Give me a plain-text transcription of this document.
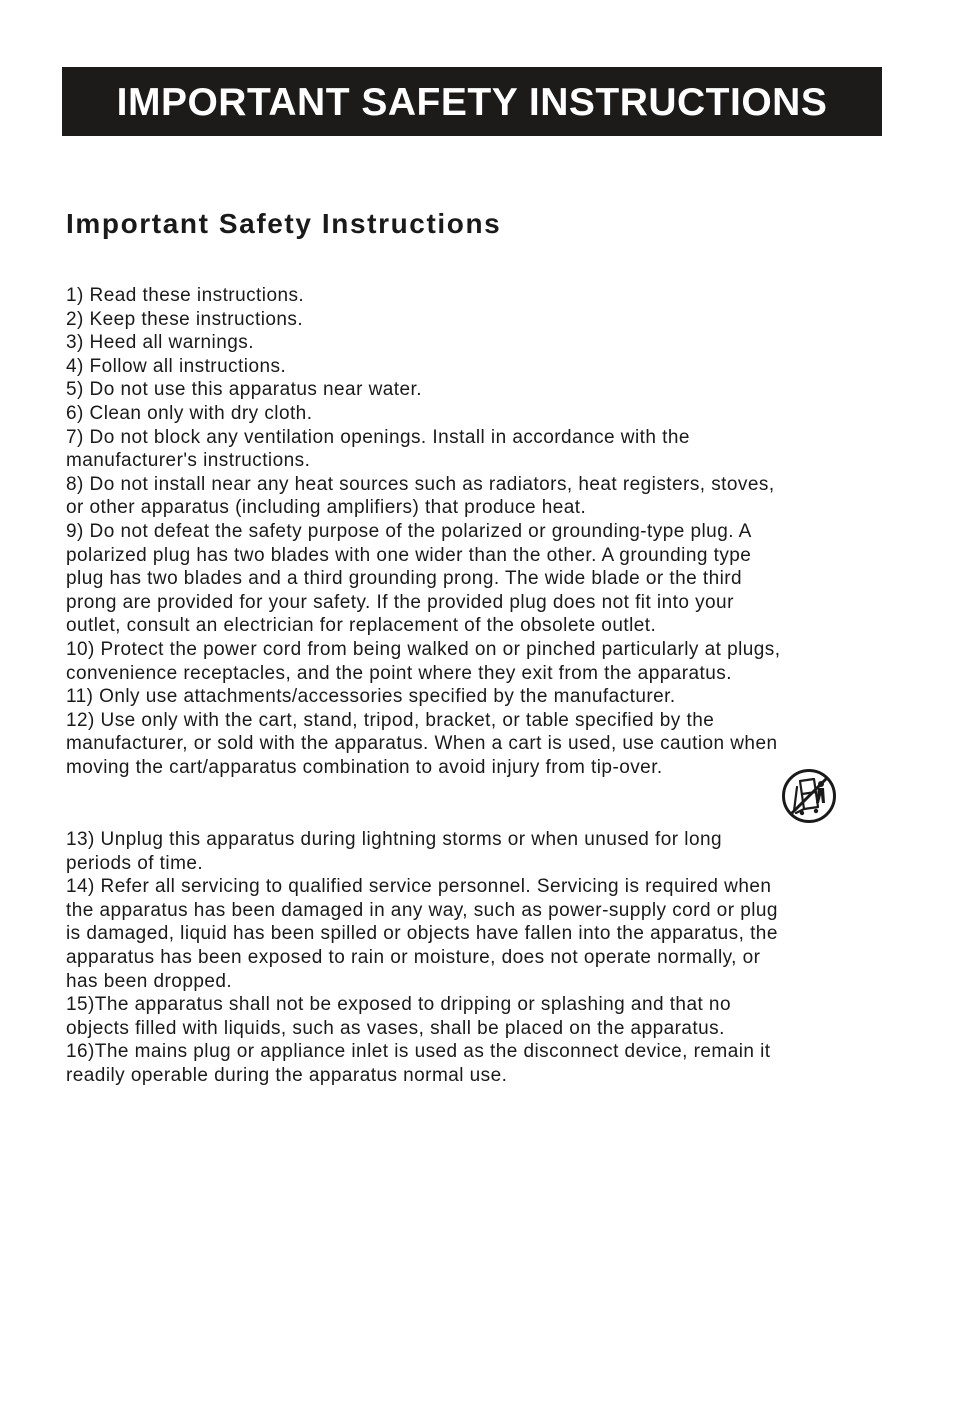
IMPORTANT SAFETY INSTRUCTIONS
Important Safety Instructions
1) Read these instructions.
2) Keep these instructions.
3) Heed all warnings.
4) Follow all instructions.
5) Do not use this apparatus near water.
6) Clean only with dry cloth.
7) Do not block any ventilation openings. Install in accordance with the
manufacturer's instructions.
8) Do not install near any heat sources such as radiators, heat registers, stoves,
or other apparatus (including amplifiers) that produce heat.
9) Do not defeat the safety purpose of the polarized or grounding-type plug. A
polarized plug has two blades with one wider than the other. A grounding type
plug has two blades and a third grounding prong. The wide blade or the third
prong are provided for your safety. If the provided plug does not fit into your
outlet, consult an electrician for replacement of the obsolete outlet.
10) Protect the power cord from being walked on or pinched particularly at plugs,
convenience receptacles, and the point where they exit from the apparatus.
11) Only use attachments/accessories specified by the manufacturer.
12) Use only with the cart, stand, tripod, bracket, or table specified by the
manufacturer, or sold with the apparatus. When a cart is used, use caution when
moving the cart/apparatus combination to avoid injury from tip-over.
13) Unplug this apparatus during lightning storms or when unused for long
periods of time.
14) Refer all servicing to qualified service personnel. Servicing is required when
the apparatus has been damaged in any way, such as power-supply cord or plug
is damaged, liquid has been spilled or objects have fallen into the apparatus, the
apparatus has been exposed to rain or moisture, does not operate normally, or
has been dropped.
15)The apparatus shall not be exposed to dripping or splashing and that no
objects filled with liquids, such as vases, shall be placed on the apparatus.
16)The mains plug or appliance inlet is used as the disconnect device, remain it
readily operable during the apparatus normal use.
